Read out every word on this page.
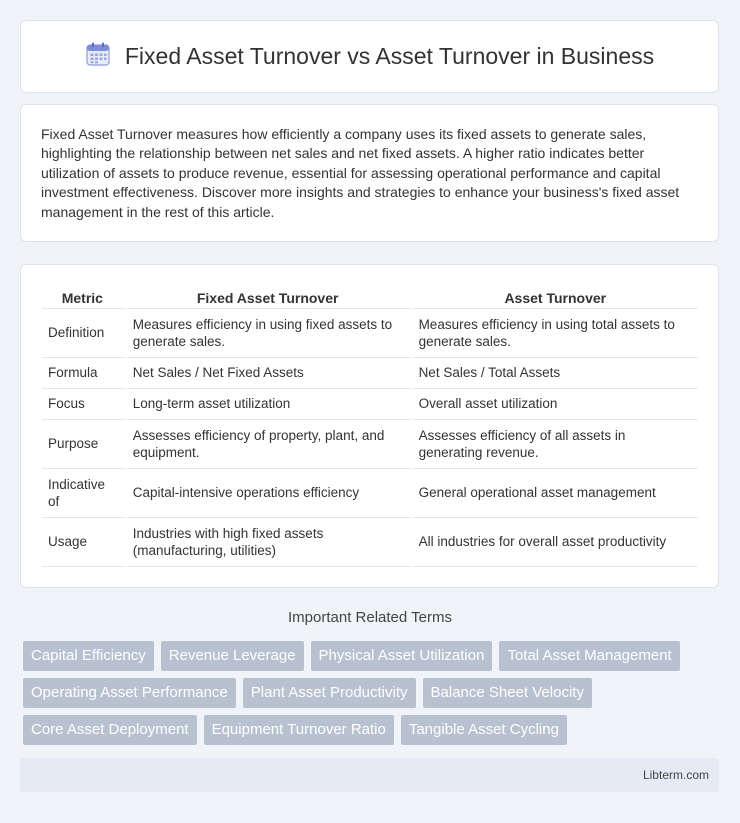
Fixed Asset Turnover vs Asset Turnover in Business

Fixed Asset Turnover measures how efficiently a company uses its fixed assets to generate sales, highlighting the relationship between net sales and net fixed assets. A higher ratio indicates better utilization of assets to produce revenue, essential for assessing operational performance and capital investment effectiveness. Discover more insights and strategies to enhance your business's fixed asset management in the rest of this article.

Metric	Fixed Asset Turnover	Asset Turnover
Definition	Measures efficiency in using fixed assets to generate sales.	Measures efficiency in using total assets to generate sales.
Formula	Net Sales / Net Fixed Assets	Net Sales / Total Assets
Focus	Long-term asset utilization	Overall asset utilization
Purpose	Assesses efficiency of property, plant, and equipment.	Assesses efficiency of all assets in generating revenue.
Indicative of	Capital-intensive operations efficiency	General operational asset management
Usage	Industries with high fixed assets (manufacturing, utilities)	All industries for overall asset productivity
Important Related Terms
Capital Efficiency	Revenue Leverage	Physical Asset Utilization	Total Asset Management
Operating Asset Performance	Plant Asset Productivity	Balance Sheet Velocity
Core Asset Deployment	Equipment Turnover Ratio	Tangible Asset Cycling
Libterm.com
